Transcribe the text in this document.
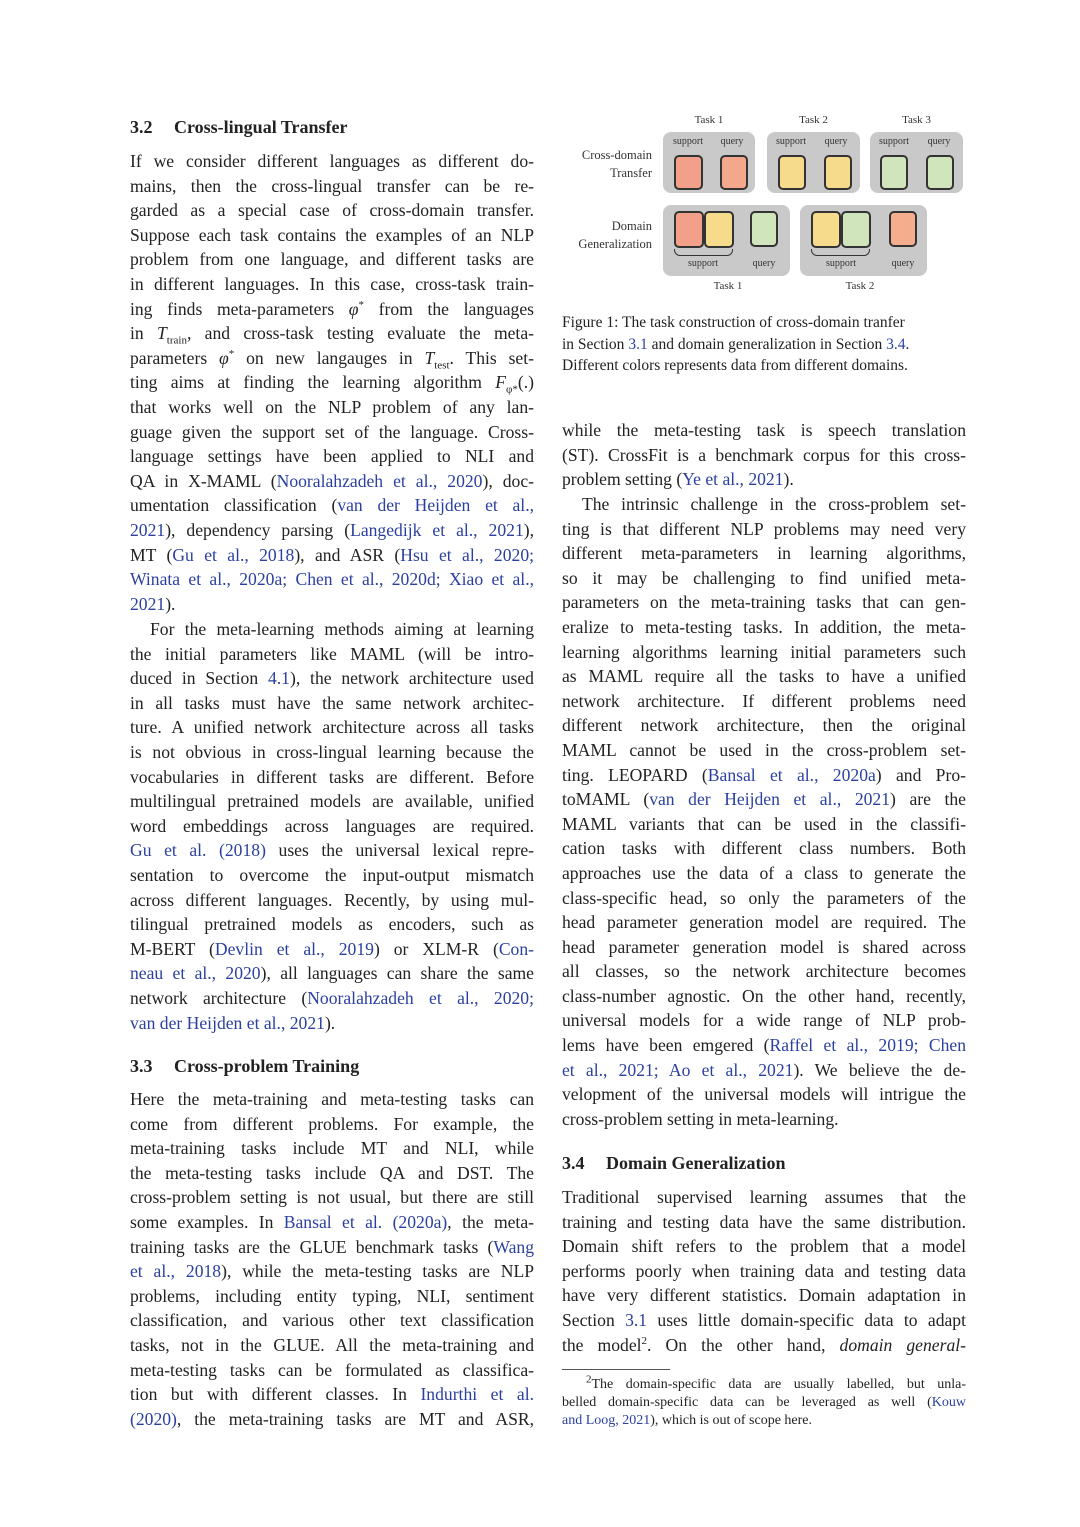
Cross-domain
Transfer
Domain
Generalization
Task 1	Task 2	Task 3
support	query	support	query	support	query
support	query	support	query
Task 1	Task 2
Figure 1: The task construction of cross-domain tranfer
in Section 3.1 and domain generalization in Section 3.4.
Different colors represents data from different domains.
3.2 Cross-lingual Transfer
If we consider different languages as different do-
mains, then the cross-lingual transfer can be re-
garded as a special case of cross-domain transfer.
Suppose each task contains the examples of an NLP
problem from one language, and different tasks are
in different languages. In this case, cross-task train-
ing finds meta-parameters φ* from the languages
in $T_{train}$, and cross-task testing evaluate the meta-
parameters φ* on new langauges in $T_{test}$. This set-
ting aims at finding the learning algorithm $F_{\varphi*}(.)$
that works well on the NLP problem of any lan-
guage given the support set of the language. Cross-
language settings have been applied to NLI and
QA in X-MAML (Nooralahzadeh et al., 2020), doc-
umentation classification (van der Heijden et al.,
2021), dependency parsing (Langedijk et al., 2021),
MT (Gu et al., 2018), and ASR (Hsu et al., 2020;
Winata et al., 2020a; Chen et al., 2020d; Xiao et al.,
2021).
For the meta-learning methods aiming at learning
the initial parameters like MAML (will be intro-
duced in Section 4.1), the network architecture used
in all tasks must have the same network architec-
ture. A unified network architecture across all tasks
is not obvious in cross-lingual learning because the
vocabularies in different tasks are different. Before
multilingual pretrained models are available, unified
word embeddings across languages are required.
Gu et al. (2018) uses the universal lexical repre-
sentation to overcome the input-output mismatch
across different languages. Recently, by using mul-
tilingual pretrained models as encoders, such as
M-BERT (Devlin et al., 2019) or XLM-R (Con-
neau et al., 2020), all languages can share the same
network architecture (Nooralahzadeh et al., 2020;
van der Heijden et al., 2021).
3.3 Cross-problem Training
Here the meta-training and meta-testing tasks can
come from different problems. For example, the
meta-training tasks include MT and NLI, while
the meta-testing tasks include QA and DST. The
cross-problem setting is not usual, but there are still
some examples. In Bansal et al. (2020a), the meta-
training tasks are the GLUE benchmark tasks (Wang
et al., 2018), while the meta-testing tasks are NLP
problems, including entity typing, NLI, sentiment
classification, and various other text classification
tasks, not in the GLUE. All the meta-training and
meta-testing tasks can be formulated as classifica-
tion but with different classes. In Indurthi et al.
(2020), the meta-training tasks are MT and ASR,
while the meta-testing task is speech translation
(ST). CrossFit is a benchmark corpus for this cross-
problem setting (Ye et al., 2021).
The intrinsic challenge in the cross-problem set-
ting is that different NLP problems may need very
different meta-parameters in learning algorithms,
so it may be challenging to find unified meta-
parameters on the meta-training tasks that can gen-
eralize to meta-testing tasks. In addition, the meta-
learning algorithms learning initial parameters such
as MAML require all the tasks to have a unified
network architecture. If different problems need
different network architecture, then the original
MAML cannot be used in the cross-problem set-
ting. LEOPARD (Bansal et al., 2020a) and Pro-
toMAML (van der Heijden et al., 2021) are the
MAML variants that can be used in the classifi-
cation tasks with different class numbers. Both
approaches use the data of a class to generate the
class-specific head, so only the parameters of the
head parameter generation model are required. The
head parameter generation model is shared across
all classes, so the network architecture becomes
class-number agnostic. On the other hand, recently,
universal models for a wide range of NLP prob-
lems have been emgered (Raffel et al., 2019; Chen
et al., 2021; Ao et al., 2021). We believe the de-
velopment of the universal models will intrigue the
cross-problem setting in meta-learning.
3.4 Domain Generalization
Traditional supervised learning assumes that the
training and testing data have the same distribution.
Domain shift refers to the problem that a model
performs poorly when training data and testing data
have very different statistics. Domain adaptation in
Section 3.1 uses little domain-specific data to adapt
the model$^2$. On the other hand, domain general-
$^2$The domain-specific data are usually labelled, but unla-
belled domain-specific data can be leveraged as well (Kouw
and Loog, 2021), which is out of scope here.
